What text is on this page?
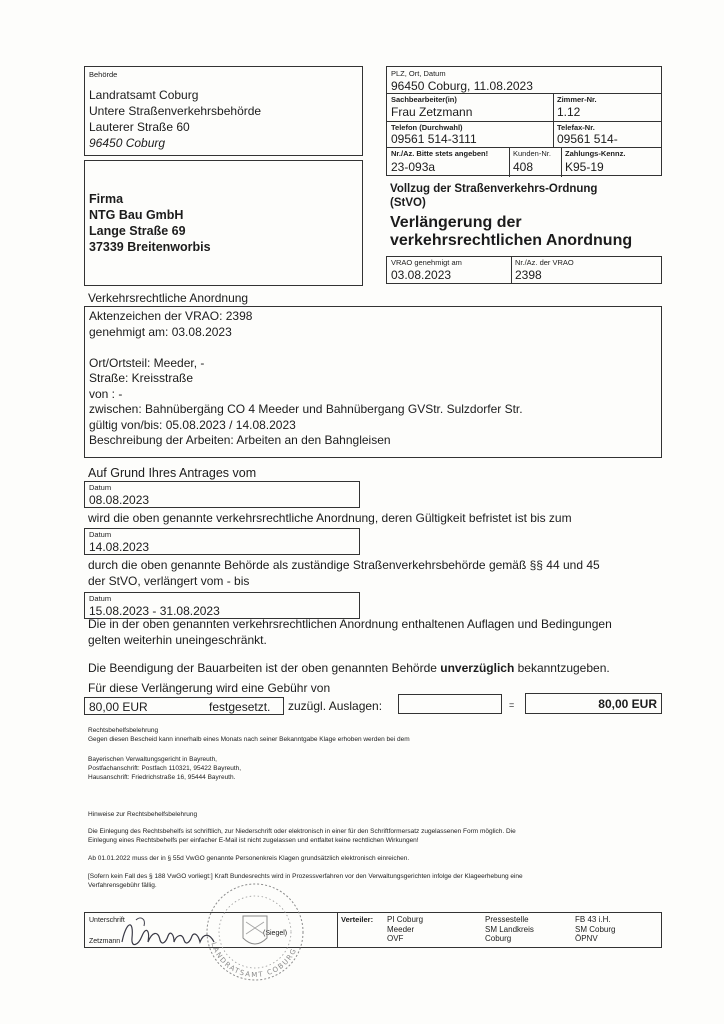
Behörde
Landratsamt Coburg
Untere Straßenverkehrsbehörde
Lauterer Straße 60
96450 Coburg
PLZ, Ort, Datum
96450 Coburg, 11.08.2023
Sachbearbeiter(in)
Frau Zetzmann
Zimmer-Nr.
1.12
Telefon (Durchwahl)
09561 514-3111
Telefax-Nr.
09561 514-
Nr./Az. Bitte stets angeben!
23-093a
Kunden-Nr.
408
Zahlungs-Kennz.
K95-19
Firma
NTG Bau GmbH
Lange Straße 69
37339 Breitenworbis
Vollzug der Straßenverkehrs-Ordnung
(StVO)
Verlängerung der
verkehrsrechtlichen Anordnung
VRAO genehmigt am
03.08.2023
Nr./Az. der VRAO
2398
Verkehrsrechtliche Anordnung
Aktenzeichen der VRAO: 2398
genehmigt am: 03.08.2023
Ort/Ortsteil: Meeder, -
Straße: Kreisstraße
von : -
zwischen: Bahnübergäng CO 4 Meeder und Bahnübergang GVStr. Sulzdorfer Str.
gültig von/bis: 05.08.2023 / 14.08.2023
Beschreibung der Arbeiten: Arbeiten an den Bahngleisen
Auf Grund Ihres Antrages vom
Datum
08.08.2023
wird die oben genannte verkehrsrechtliche Anordnung, deren Gültigkeit befristet ist bis zum
Datum
14.08.2023
durch die oben genannte Behörde als zuständige Straßenverkehrsbehörde gemäß §§ 44 und 45
der StVO, verlängert vom - bis
Datum
15.08.2023 - 31.08.2023
Die in der oben genannten verkehrsrechtlichen Anordnung enthaltenen Auflagen und Bedingungen
gelten weiterhin uneingeschränkt.
Die Beendigung der Bauarbeiten ist der oben genannten Behörde unverzüglich bekanntzugeben.
Für diese Verlängerung wird eine Gebühr von
80,00 EUR	festgesetzt. zuzügl. Auslagen:	=	80,00 EUR
Rechtsbehelfsbelehrung
Gegen diesen Bescheid kann innerhalb eines Monats nach seiner Bekanntgabe Klage erhoben werden bei dem
Bayerischen Verwaltungsgericht in Bayreuth,
Postfachanschrift: Postfach 110321, 95422 Bayreuth,
Hausanschrift: Friedrichstraße 16, 95444 Bayreuth.
Hinweise zur Rechtsbehelfsbelehrung
Die Einlegung des Rechtsbehelfs ist schriftlich, zur Niederschrift oder elektronisch in einer für den Schriftformersatz zugelassenen Form möglich. Die
Einlegung eines Rechtsbehelfs per einfacher E-Mail ist nicht zugelassen und entfaltet keine rechtlichen Wirkungen!
Ab 01.01.2022 muss der in § 55d VwGO genannte Personenkreis Klagen grundsätzlich elektronisch einreichen.
[Sofern kein Fall des § 188 VwGO vorliegt:] Kraft Bundesrechts wird in Prozessverfahren vor den Verwaltungsgerichten infolge der Klageerhebung eine
Verfahrensgebühr fällig.
Unterschrift
Zetzmann
(Siegel)
Verteiler: PI Coburg
Meeder
OVF
Pressestelle
SM Landkreis
Coburg
FB 43 i.H.
SM Coburg
ÖPNV
LANDRATSAMT COBURG
